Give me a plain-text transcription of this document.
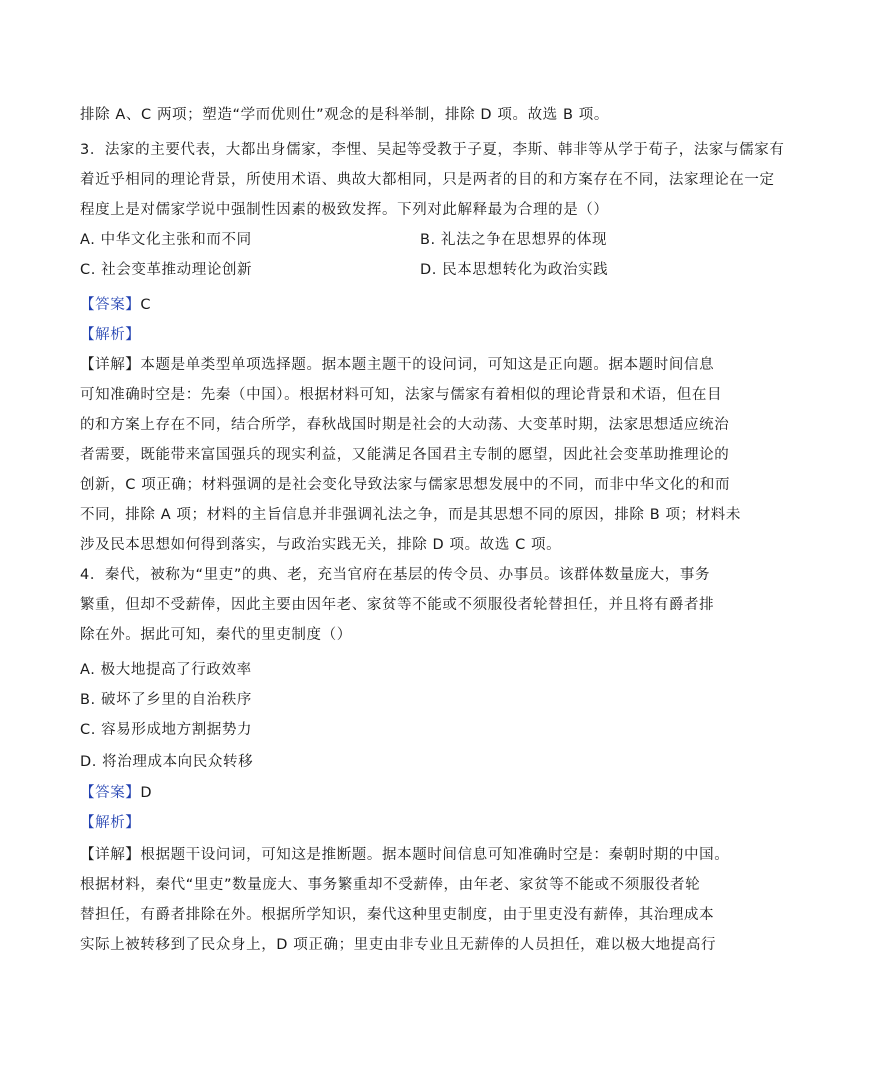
排除 A、C 两项；塑造“学而优则仕”观念的是科举制，排除 D 项。故选 B 项。
3．法家的主要代表，大都出身儒家，李悝、吴起等受教于子夏，李斯、韩非等从学于荀子，法家与儒家有
着近乎相同的理论背景，所使用术语、典故大都相同，只是两者的目的和方案存在不同，法家理论在一定
程度上是对儒家学说中强制性因素的极致发挥。下列对此解释最为合理的是（）
A. 中华文化主张和而不同	B. 礼法之争在思想界的体现
C. 社会变革推动理论创新	D. 民本思想转化为政治实践
【答案】C
【解析】
【详解】本题是单类型单项选择题。据本题主题干的设问词，可知这是正向题。据本题时间信息
可知准确时空是：先秦（中国）。根据材料可知，法家与儒家有着相似的理论背景和术语，但在目
的和方案上存在不同，结合所学，春秋战国时期是社会的大动荡、大变革时期，法家思想适应统治
者需要，既能带来富国强兵的现实利益，又能满足各国君主专制的愿望，因此社会变革助推理论的
创新，C 项正确；材料强调的是社会变化导致法家与儒家思想发展中的不同，而非中华文化的和而
不同，排除 A 项；材料的主旨信息并非强调礼法之争，而是其思想不同的原因，排除 B 项；材料未
涉及民本思想如何得到落实，与政治实践无关，排除 D 项。故选 C 项。
4．秦代，被称为“里吏”的典、老，充当官府在基层的传令员、办事员。该群体数量庞大，事务
繁重，但却不受薪俸，因此主要由因年老、家贫等不能或不须服役者轮替担任，并且将有爵者排
除在外。据此可知，秦代的里吏制度（）
A. 极大地提高了行政效率
B. 破坏了乡里的自治秩序
C. 容易形成地方割据势力
D. 将治理成本向民众转移
【答案】D
【解析】
【详解】根据题干设问词，可知这是推断题。据本题时间信息可知准确时空是：秦朝时期的中国。
根据材料，秦代“里吏”数量庞大、事务繁重却不受薪俸，由年老、家贫等不能或不须服役者轮
替担任，有爵者排除在外。根据所学知识，秦代这种里吏制度，由于里吏没有薪俸，其治理成本
实际上被转移到了民众身上，D 项正确；里吏由非专业且无薪俸的人员担任，难以极大地提高行
